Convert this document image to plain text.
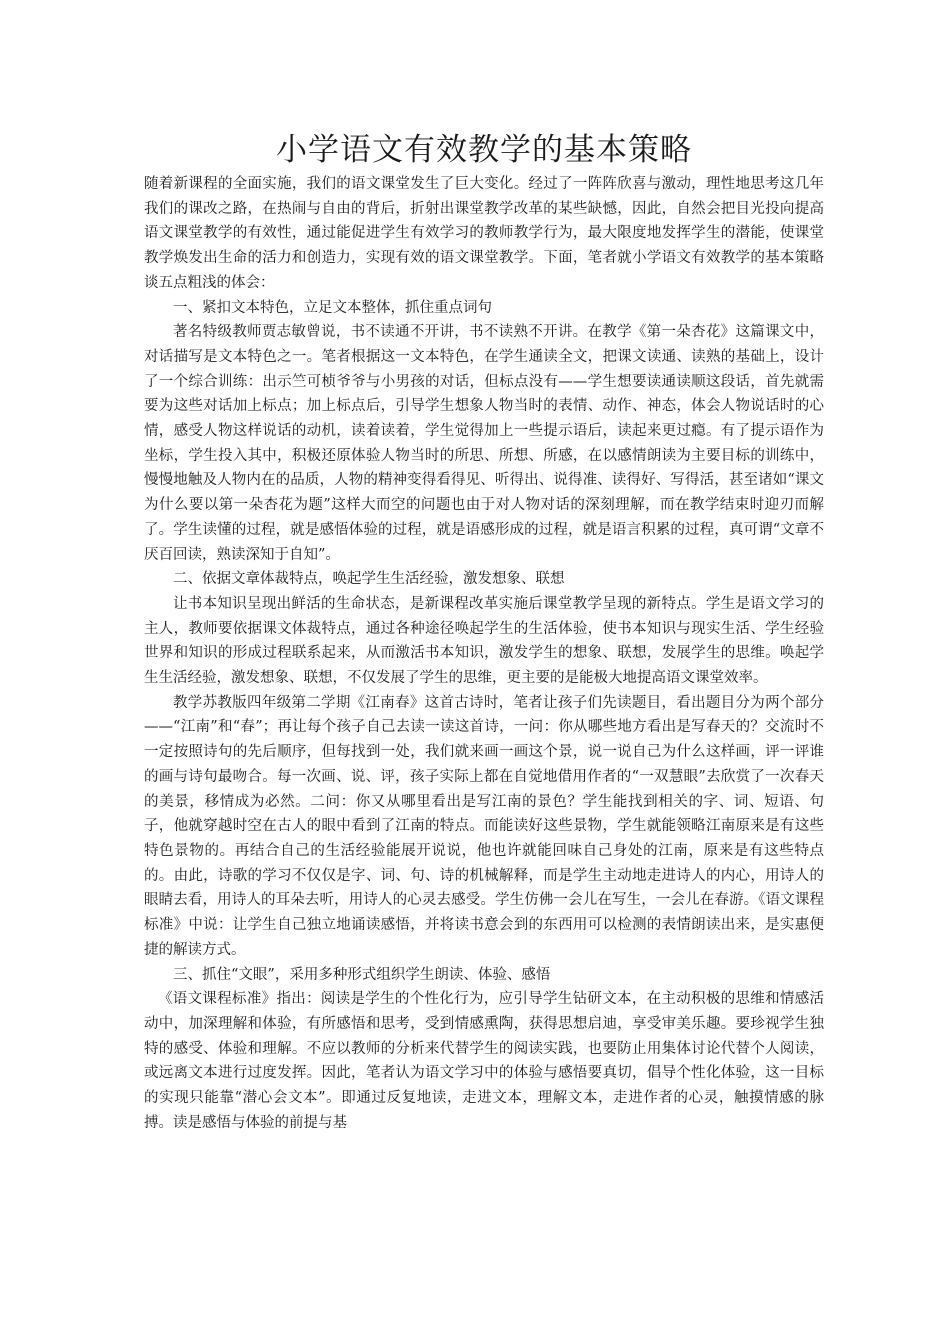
小学语文有效教学的基本策略

随着新课程的全面实施，我们的语文课堂发生了巨大变化。经过了一阵阵欣喜与激动，理性地思考这几年我们的课改之路，在热闹与自由的背后，折射出课堂教学改革的某些缺憾，因此，自然会把目光投向提高语文课堂教学的有效性，通过能促进学生有效学习的教师教学行为，最大限度地发挥学生的潜能，使课堂教学焕发出生命的活力和创造力，实现有效的语文课堂教学。下面，笔者就小学语文有效教学的基本策略谈五点粗浅的体会：

一、紧扣文本特色，立足文本整体，抓住重点词句

著名特级教师贾志敏曾说，书不读通不开讲，书不读熟不开讲。在教学《第一朵杏花》这篇课文中，对话描写是文本特色之一。笔者根据这一文本特色，在学生通读全文，把课文读通、读熟的基础上，设计了一个综合训练：出示竺可桢爷爷与小男孩的对话，但标点没有——学生想要读通读顺这段话，首先就需要为这些对话加上标点；加上标点后，引导学生想象人物当时的表情、动作、神态，体会人物说话时的心情，感受人物这样说话的动机，读着读着，学生觉得加上一些提示语后，读起来更过瘾。有了提示语作为坐标，学生投入其中，积极还原体验人物当时的所思、所想、所感，在以感情朗读为主要目标的训练中，慢慢地触及人物内在的品质，人物的精神变得看得见、听得出、说得准、读得好、写得活，甚至诸如“课文为什么要以第一朵杏花为题”这样大而空的问题也由于对人物对话的深刻理解，而在教学结束时迎刃而解了。学生读懂的过程，就是感悟体验的过程，就是语感形成的过程，就是语言积累的过程，真可谓“文章不厌百回读，熟读深知于自知”。

二、依据文章体裁特点，唤起学生生活经验，激发想象、联想

让书本知识呈现出鲜活的生命状态，是新课程改革实施后课堂教学呈现的新特点。学生是语文学习的主人，教师要依据课文体裁特点，通过各种途径唤起学生的生活体验，使书本知识与现实生活、学生经验世界和知识的形成过程联系起来，从而激活书本知识，激发学生的想象、联想，发展学生的思维。唤起学生生活经验，激发想象、联想，不仅发展了学生的思维，更主要的是能极大地提高语文课堂效率。

教学苏教版四年级第二学期《江南春》这首古诗时，笔者让孩子们先读题目，看出题目分为两个部分——“江南”和“春”；再让每个孩子自己去读一读这首诗，一问：你从哪些地方看出是写春天的？交流时不一定按照诗句的先后顺序，但每找到一处，我们就来画一画这个景，说一说自己为什么这样画，评一评谁的画与诗句最吻合。每一次画、说、评，孩子实际上都在自觉地借用作者的“一双慧眼”去欣赏了一次春天的美景，移情成为必然。二问：你又从哪里看出是写江南的景色？学生能找到相关的字、词、短语、句子，他就穿越时空在古人的眼中看到了江南的特点。而能读好这些景物，学生就能领略江南原来是有这些特色景物的。再结合自己的生活经验能展开说说，他也许就能回味自己身处的江南，原来是有这些特点的。由此，诗歌的学习不仅仅是字、词、句、诗的机械解释，而是学生主动地走进诗人的内心，用诗人的眼睛去看，用诗人的耳朵去听，用诗人的心灵去感受。学生仿佛一会儿在写生，一会儿在春游。《语文课程标准》中说：让学生自己独立地诵读感悟，并将读书意会到的东西用可以检测的表情朗读出来，是实惠便捷的解读方式。

三、抓住“文眼”，采用多种形式组织学生朗读、体验、感悟

《语文课程标准》指出：阅读是学生的个性化行为，应引导学生钻研文本，在主动积极的思维和情感活动中，加深理解和体验，有所感悟和思考，受到情感熏陶，获得思想启迪，享受审美乐趣。要珍视学生独特的感受、体验和理解。不应以教师的分析来代替学生的阅读实践，也要防止用集体讨论代替个人阅读，或远离文本进行过度发挥。因此，笔者认为语文学习中的体验与感悟要真切，倡导个性化体验，这一目标的实现只能靠“潜心会文本”。即通过反复地读，走进文本，理解文本，走进作者的心灵，触摸情感的脉搏。读是感悟与体验的前提与基
